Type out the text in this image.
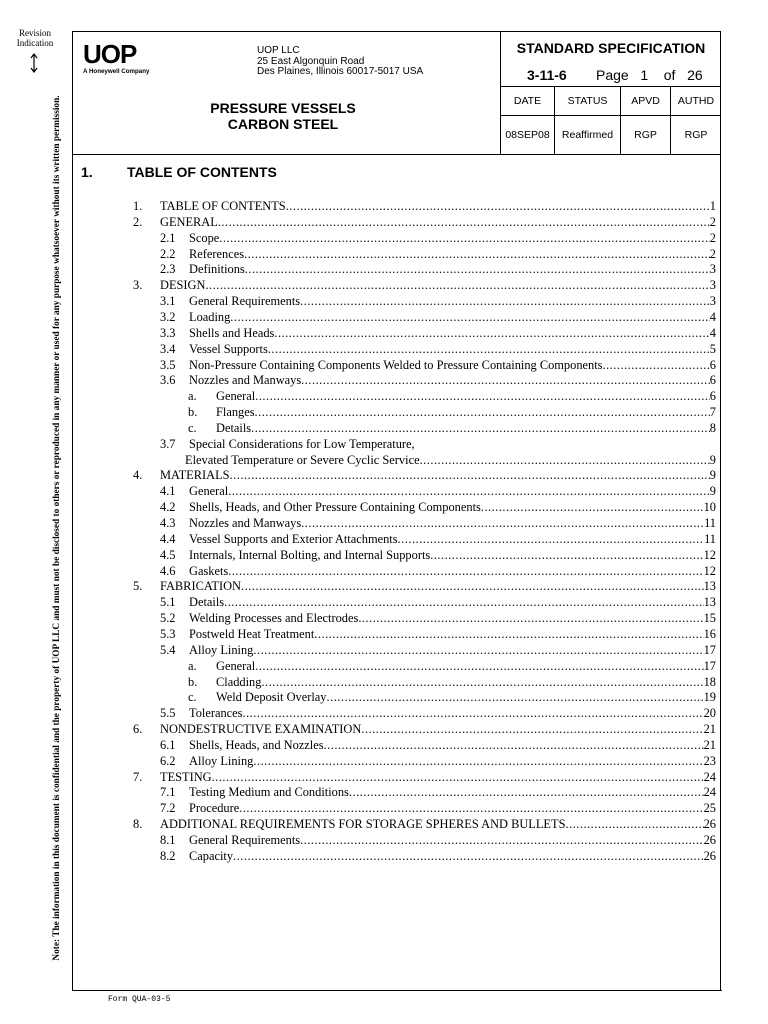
Revision
Indication
Note: The information in this document is confidential and the property of UOP LLC and must not be disclosed to others or reproduced in any manner or used for any purpose whatsoever without its written permission.
UOP
A Honeywell Company
UOP LLC
25 East Algonquin Road
Des Plaines, Illinois 60017-5017 USA
PRESSURE VESSELS
CARBON STEEL
STANDARD SPECIFICATION
3-11-6 Page 1 of 26
DATE	STATUS	APVD	AUTHD
08SEP08	Reaffirmed	RGP	RGP
1. TABLE OF CONTENTS
1. TABLE OF CONTENTS .....	1
2. GENERAL .....	2
2.1 Scope .....	2
2.2 References .....	2
2.3 Definitions .....	3
3. DESIGN .....	3
3.1 General Requirements .....	3
3.2 Loading .....	4
3.3 Shells and Heads .....	4
3.4 Vessel Supports .....	5
3.5 Non-Pressure Containing Components Welded to Pressure Containing Components .....	6
3.6 Nozzles and Manways .....	6
a. General .....	6
b. Flanges .....	7
c. Details .....	8
3.7 Special Considerations for Low Temperature,
Elevated Temperature or Severe Cyclic Service .....	9
4. MATERIALS .....	9
4.1 General .....	9
4.2 Shells, Heads, and Other Pressure Containing Components .....	10
4.3 Nozzles and Manways .....	11
4.4 Vessel Supports and Exterior Attachments .....	11
4.5 Internals, Internal Bolting, and Internal Supports .....	12
4.6 Gaskets .....	12
5. FABRICATION .....	13
5.1 Details .....	13
5.2 Welding Processes and Electrodes .....	15
5.3 Postweld Heat Treatment .....	16
5.4 Alloy Lining .....	17
a. General .....	17
b. Cladding .....	18
c. Weld Deposit Overlay .....	19
5.5 Tolerances .....	20
6. NONDESTRUCTIVE EXAMINATION .....	21
6.1 Shells, Heads, and Nozzles .....	21
6.2 Alloy Lining .....	23
7. TESTING .....	24
7.1 Testing Medium and Conditions .....	24
7.2 Procedure .....	25
8. ADDITIONAL REQUIREMENTS FOR STORAGE SPHERES AND BULLETS .....	26
8.1 General Requirements .....	26
8.2 Capacity .....	26
Form QUA-03-5
